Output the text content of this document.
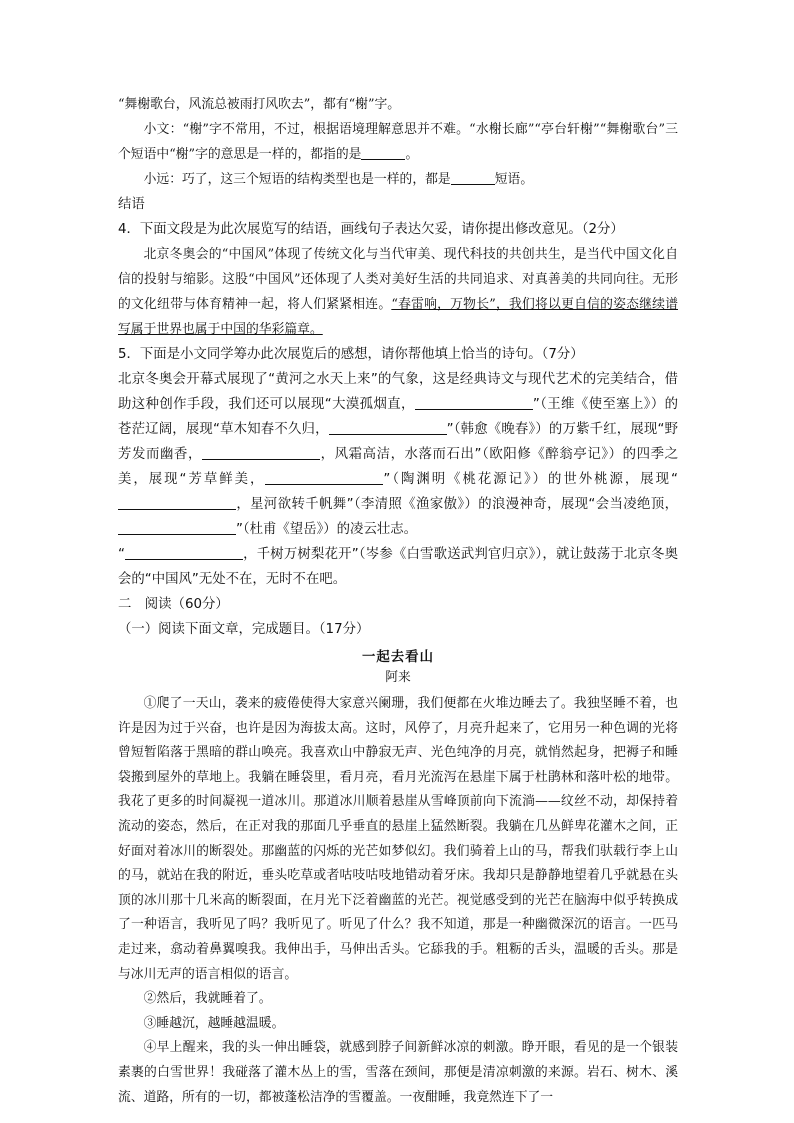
“舞榭歌台，风流总被雨打风吹去”，都有“榭”字。

小文：“榭”字不常用，不过，根据语境理解意思并不难。“水榭长廊”“亭台轩榭”“舞榭歌台”三个短语中“榭”字的意思是一样的，都指的是	。

小远：巧了，这三个短语的结构类型也是一样的，都是	短语。

结语

4．下面文段是为此次展览写的结语，画线句子表达欠妥，请你提出修改意见。（2分）

北京冬奥会的“中国风”体现了传统文化与当代审美、现代科技的共创共生，是当代中国文化自信的投射与缩影。这股“中国风”还体现了人类对美好生活的共同追求、对真善美的共同向往。无形的文化纽带与体育精神一起，将人们紧紧相连。“春雷响，万物长”，我们将以更自信的姿态继续谱写属于世界也属于中国的华彩篇章。

5．下面是小文同学筹办此次展览后的感想，请你帮他填上恰当的诗句。（7分）

北京冬奥会开幕式展现了“黄河之水天上来”的气象，这是经典诗文与现代艺术的完美结合，借助这种创作手段，我们还可以展现“大漠孤烟直，	”（王维《使至塞上》）的苍茫辽阔，展现“草木知春不久归，	”（韩愈《晚春》）的万紫千红，展现“野芳发而幽香，	，风霜高洁，水落而石出”（欧阳修《醉翁亭记》）的四季之美，展现“芳草鲜美，	”（陶渊明《桃花源记》）的世外桃源，展现“，星河欲转千帆舞”（李清照《渔家傲》）的浪漫神奇，展现“会当凌绝顶，”（杜甫《望岳》）的凌云壮志。
“	，千树万树梨花开”（岑参《白雪歌送武判官归京》），就让鼓荡于北京冬奥会的“中国风”无处不在，无时不在吧。

二　阅读（60分）

（一）阅读下面文章，完成题目。（17分）

一起去看山
阿来

①爬了一天山，袭来的疲倦使得大家意兴阑珊，我们便都在火堆边睡去了。我独坚睡不着，也许是因为过于兴奋，也许是因为海拔太高。这时，风停了，月亮升起来了，它用另一种色调的光将曾短暂陷落于黑暗的群山唤亮。我喜欢山中静寂无声、光色纯净的月亮，就悄然起身，把褥子和睡袋搬到屋外的草地上。我躺在睡袋里，看月亮，看月光流泻在悬崖下属于杜鹃林和落叶松的地带。我花了更多的时间凝视一道冰川。那道冰川顺着悬崖从雪峰顶前向下流淌——纹丝不动，却保持着流动的姿态，然后，在正对我的那面几乎垂直的悬崖上猛然断裂。我躺在几丛鲜卑花灌木之间，正好面对着冰川的断裂处。那幽蓝的闪烁的光芒如梦似幻。我们骑着上山的马，帮我们驮载行李上山的马，就站在我的附近，垂头吃草或者咕吱咕吱地错动着牙床。我却只是静静地望着几乎就悬在头顶的冰川那十几米高的断裂面，在月光下泛着幽蓝的光芒。视觉感受到的光芒在脑海中似乎转换成了一种语言，我听见了吗？我听见了。听见了什么？我不知道，那是一种幽微深沉的语言。一匹马走过来，翕动着鼻翼嗅我。我伸出手，马伸出舌头。它舔我的手。粗粝的舌头，温暖的舌头。那是与冰川无声的语言相似的语言。

②然后，我就睡着了。

③睡越沉，越睡越温暖。

④早上醒来，我的头一伸出睡袋，就感到脖子间新鲜冰凉的刺激。睁开眼，看见的是一个银装素裹的白雪世界！我碰落了灌木丛上的雪，雪落在颈间，那便是清凉刺激的来源。岩石、树木、溪流、道路，所有的一切，都被蓬松洁净的雪覆盖。一夜酣睡，我竟然连下了一
